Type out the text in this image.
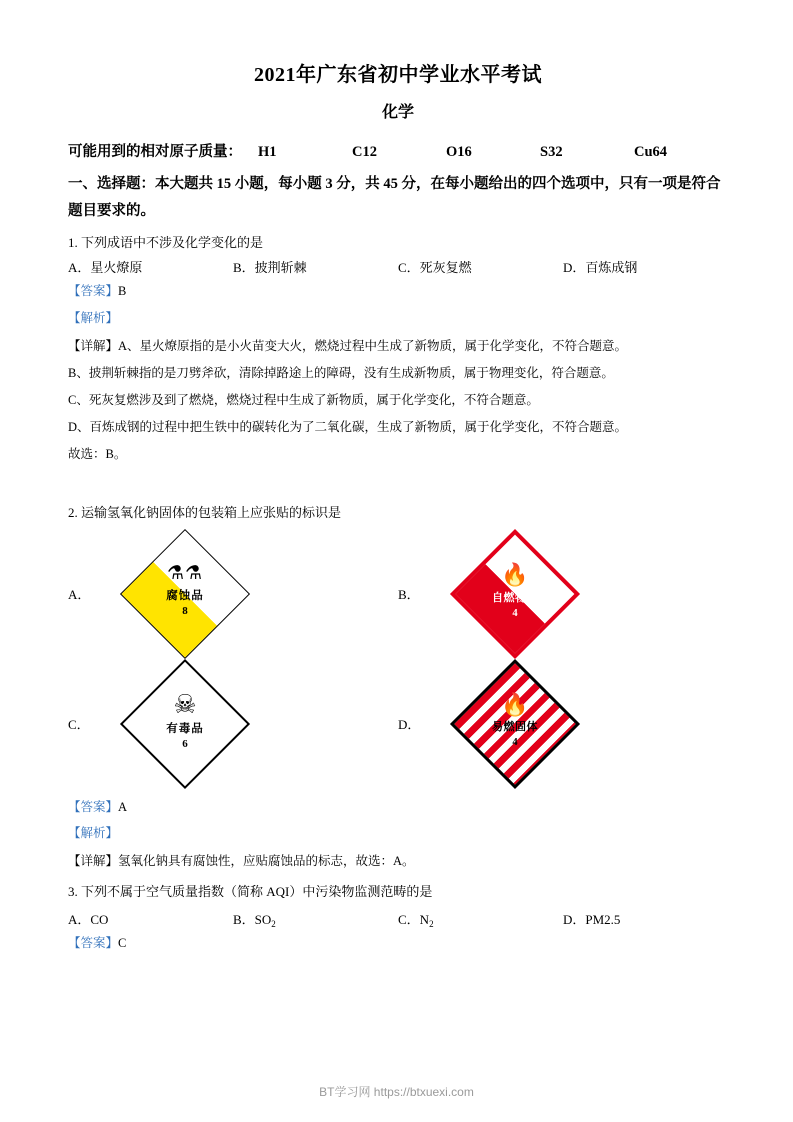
2021年广东省初中学业水平考试
化学
可能用到的相对原子质量： H1	C12	O16	S32	Cu64

一、选择题：本大题共 15 小题，每小题 3 分，共 45 分，在每小题给出的四个选项中，只有一项是符合题目要求的。

1. 下列成语中不涉及化学变化的是

A．星火燎原	B．披荆斩棘	C．死灰复燃	D．百炼成钢

【答案】B

【解析】

【详解】A、星火燎原指的是小火苗变大火，燃烧过程中生成了新物质，属于化学变化，不符合题意。

B、披荆斩棘指的是刀劈斧砍，清除掉路途上的障碍，没有生成新物质，属于物理变化，符合题意。

C、死灰复燃涉及到了燃烧，燃烧过程中生成了新物质，属于化学变化，不符合题意。

D、百炼成钢的过程中把生铁中的碳转化为了二氧化碳，生成了新物质，属于化学变化，不符合题意。

故选：B。

2. 运输氢氧化钠固体的包装箱上应张贴的标识是

A．
⚗⚗
腐蚀品
8
B．
🔥
自燃物品
4
C．
☠
有毒品
6
D．
🔥
易燃固体
4

【答案】A

【解析】

【详解】氢氧化钠具有腐蚀性，应贴腐蚀品的标志，故选：A。

3. 下列不属于空气质量指数（简称 AQI）中污染物监测范畴的是

A．CO	B．$SO_2$	C．$N_2$	D．PM2.5

【答案】C

BT学习网 https://btxuexi.com
